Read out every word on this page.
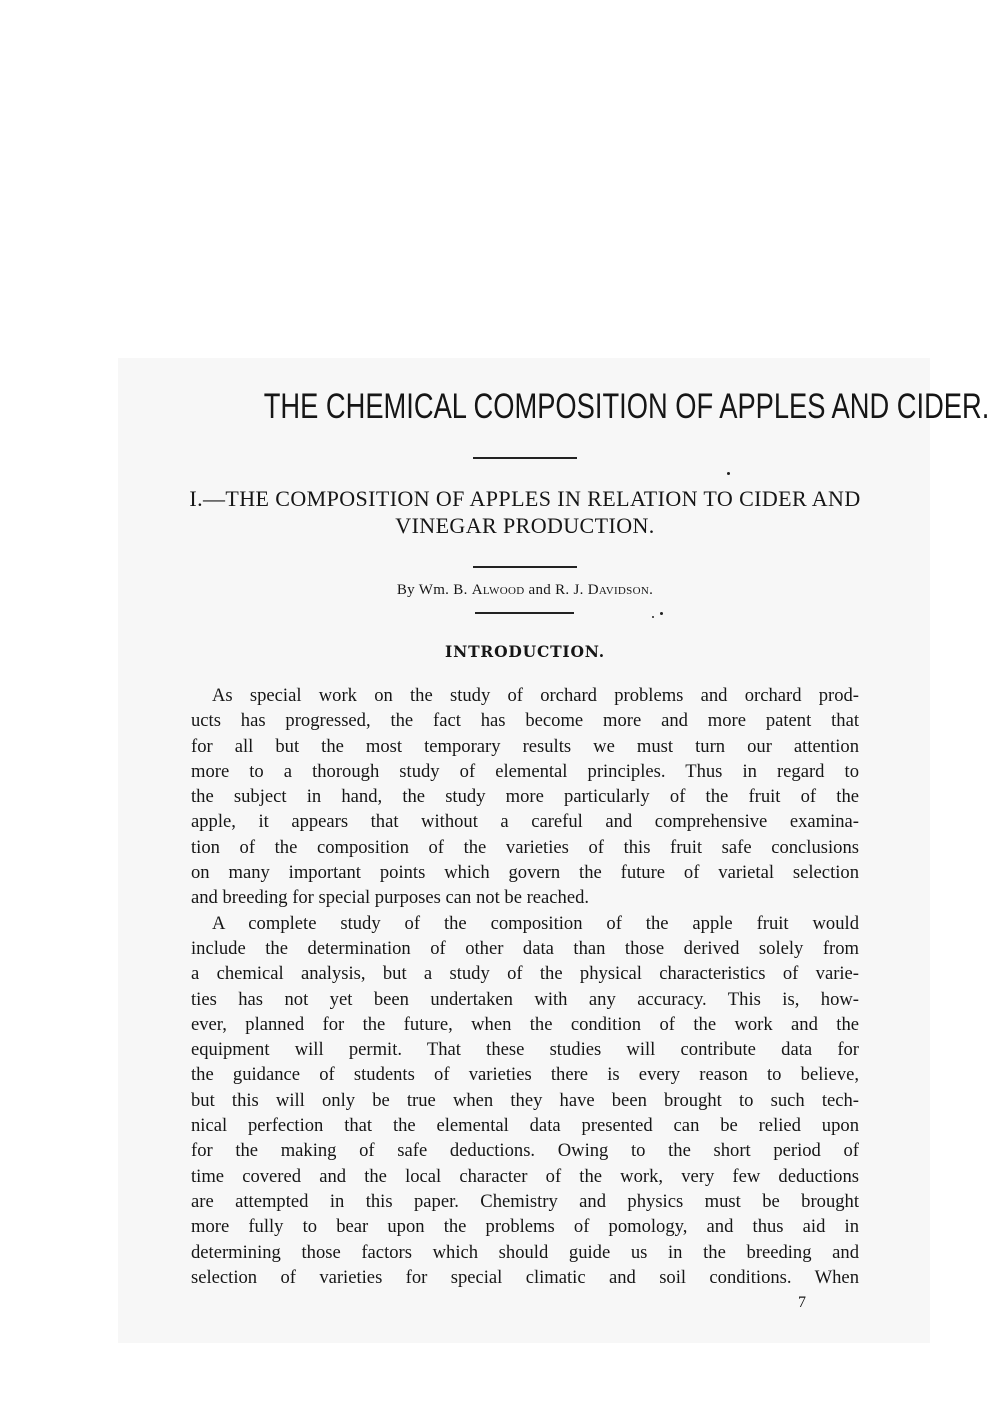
THE CHEMICAL COMPOSITION OF APPLES AND CIDER.
I.—THE COMPOSITION OF APPLES IN RELATION TO CIDER AND
VINEGAR PRODUCTION.
By Wm. B. Alwood and R. J. Davidson.
INTRODUCTION.
As special work on the study of orchard problems and orchard prod-
ucts has progressed, the fact has become more and more patent that
for all but the most temporary results we must turn our attention
more to a thorough study of elemental principles. Thus in regard to
the subject in hand, the study more particularly of the fruit of the
apple, it appears that without a careful and comprehensive examina-
tion of the composition of the varieties of this fruit safe conclusions
on many important points which govern the future of varietal selection
and breeding for special purposes can not be reached.
A complete study of the composition of the apple fruit would
include the determination of other data than those derived solely from
a chemical analysis, but a study of the physical characteristics of varie-
ties has not yet been undertaken with any accuracy. This is, how-
ever, planned for the future, when the condition of the work and the
equipment will permit. That these studies will contribute data for
the guidance of students of varieties there is every reason to believe,
but this will only be true when they have been brought to such tech-
nical perfection that the elemental data presented can be relied upon
for the making of safe deductions. Owing to the short period of
time covered and the local character of the work, very few deductions
are attempted in this paper. Chemistry and physics must be brought
more fully to bear upon the problems of pomology, and thus aid in
determining those factors which should guide us in the breeding and
selection of varieties for special climatic and soil conditions. When
7
